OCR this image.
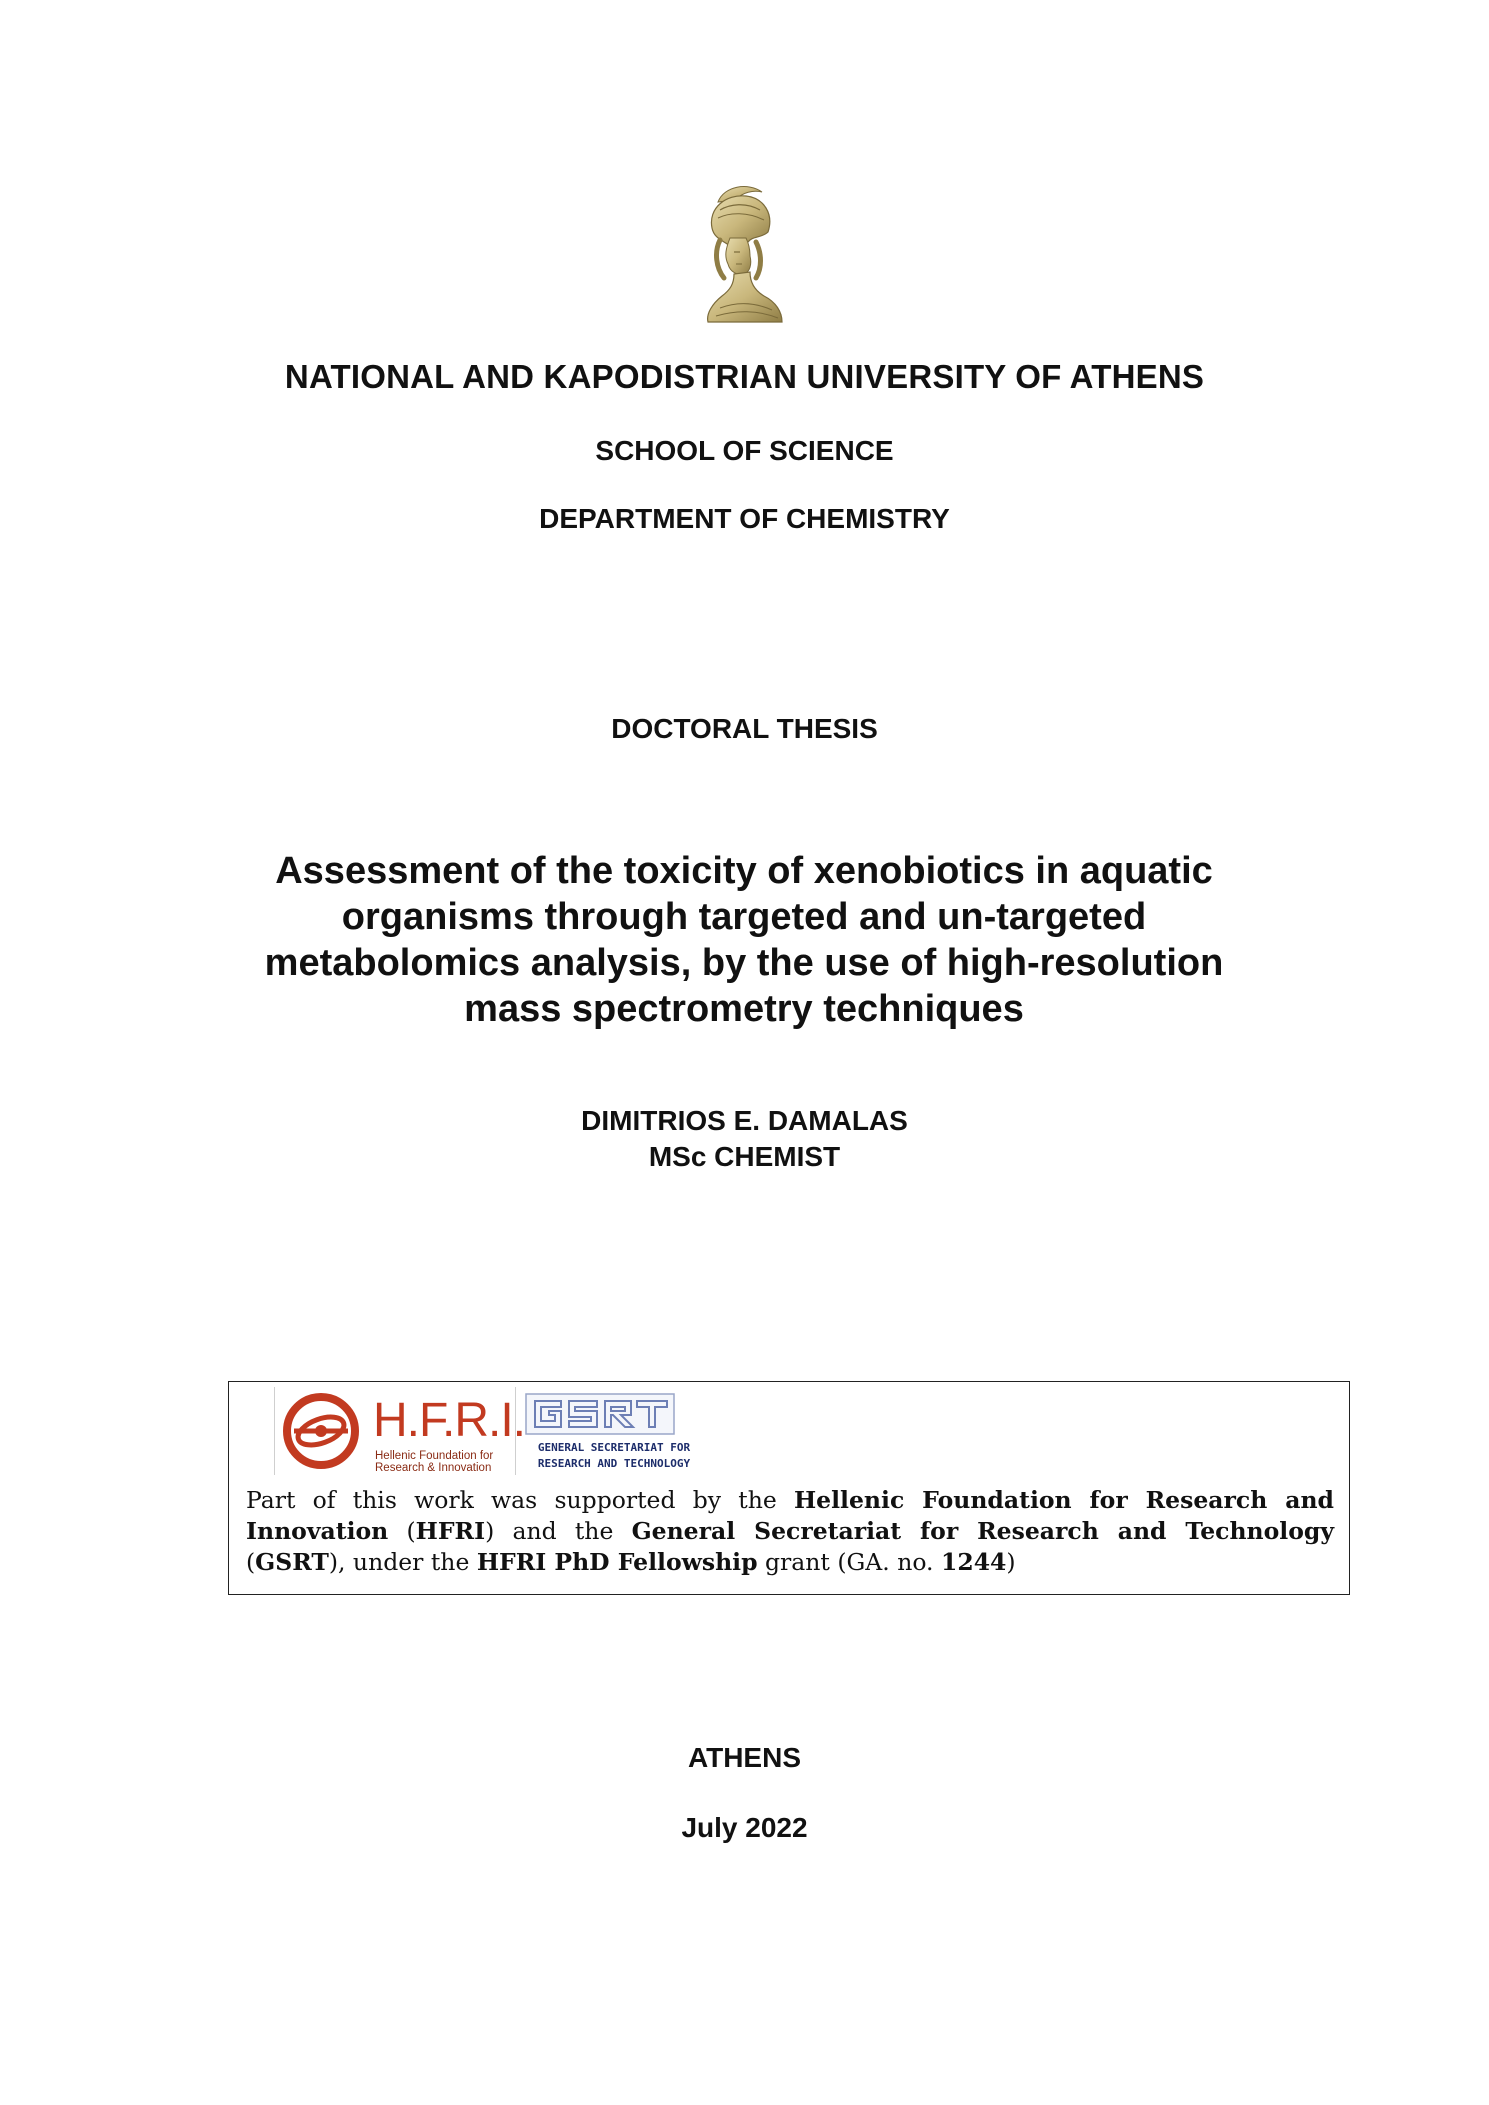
NATIONAL AND KAPODISTRIAN UNIVERSITY OF ATHENS
SCHOOL OF SCIENCE
DEPARTMENT OF CHEMISTRY
DOCTORAL THESIS
Assessment of the toxicity of xenobiotics in aquatic organisms through targeted and un-targeted metabolomics analysis, by the use of high-resolution mass spectrometry techniques
DIMITRIOS E. DAMALAS
MSc CHEMIST
H.F.R.I.
Hellenic Foundation for
Research & Innovation
GENERAL SECRETARIAT FOR
RESEARCH AND TECHNOLOGY
Part of this work was supported by the Hellenic Foundation for Research and Innovation (HFRI) and the General Secretariat for Research and Technology (GSRT), under the HFRI PhD Fellowship grant (GA. no. 1244)
ATHENS
July 2022
